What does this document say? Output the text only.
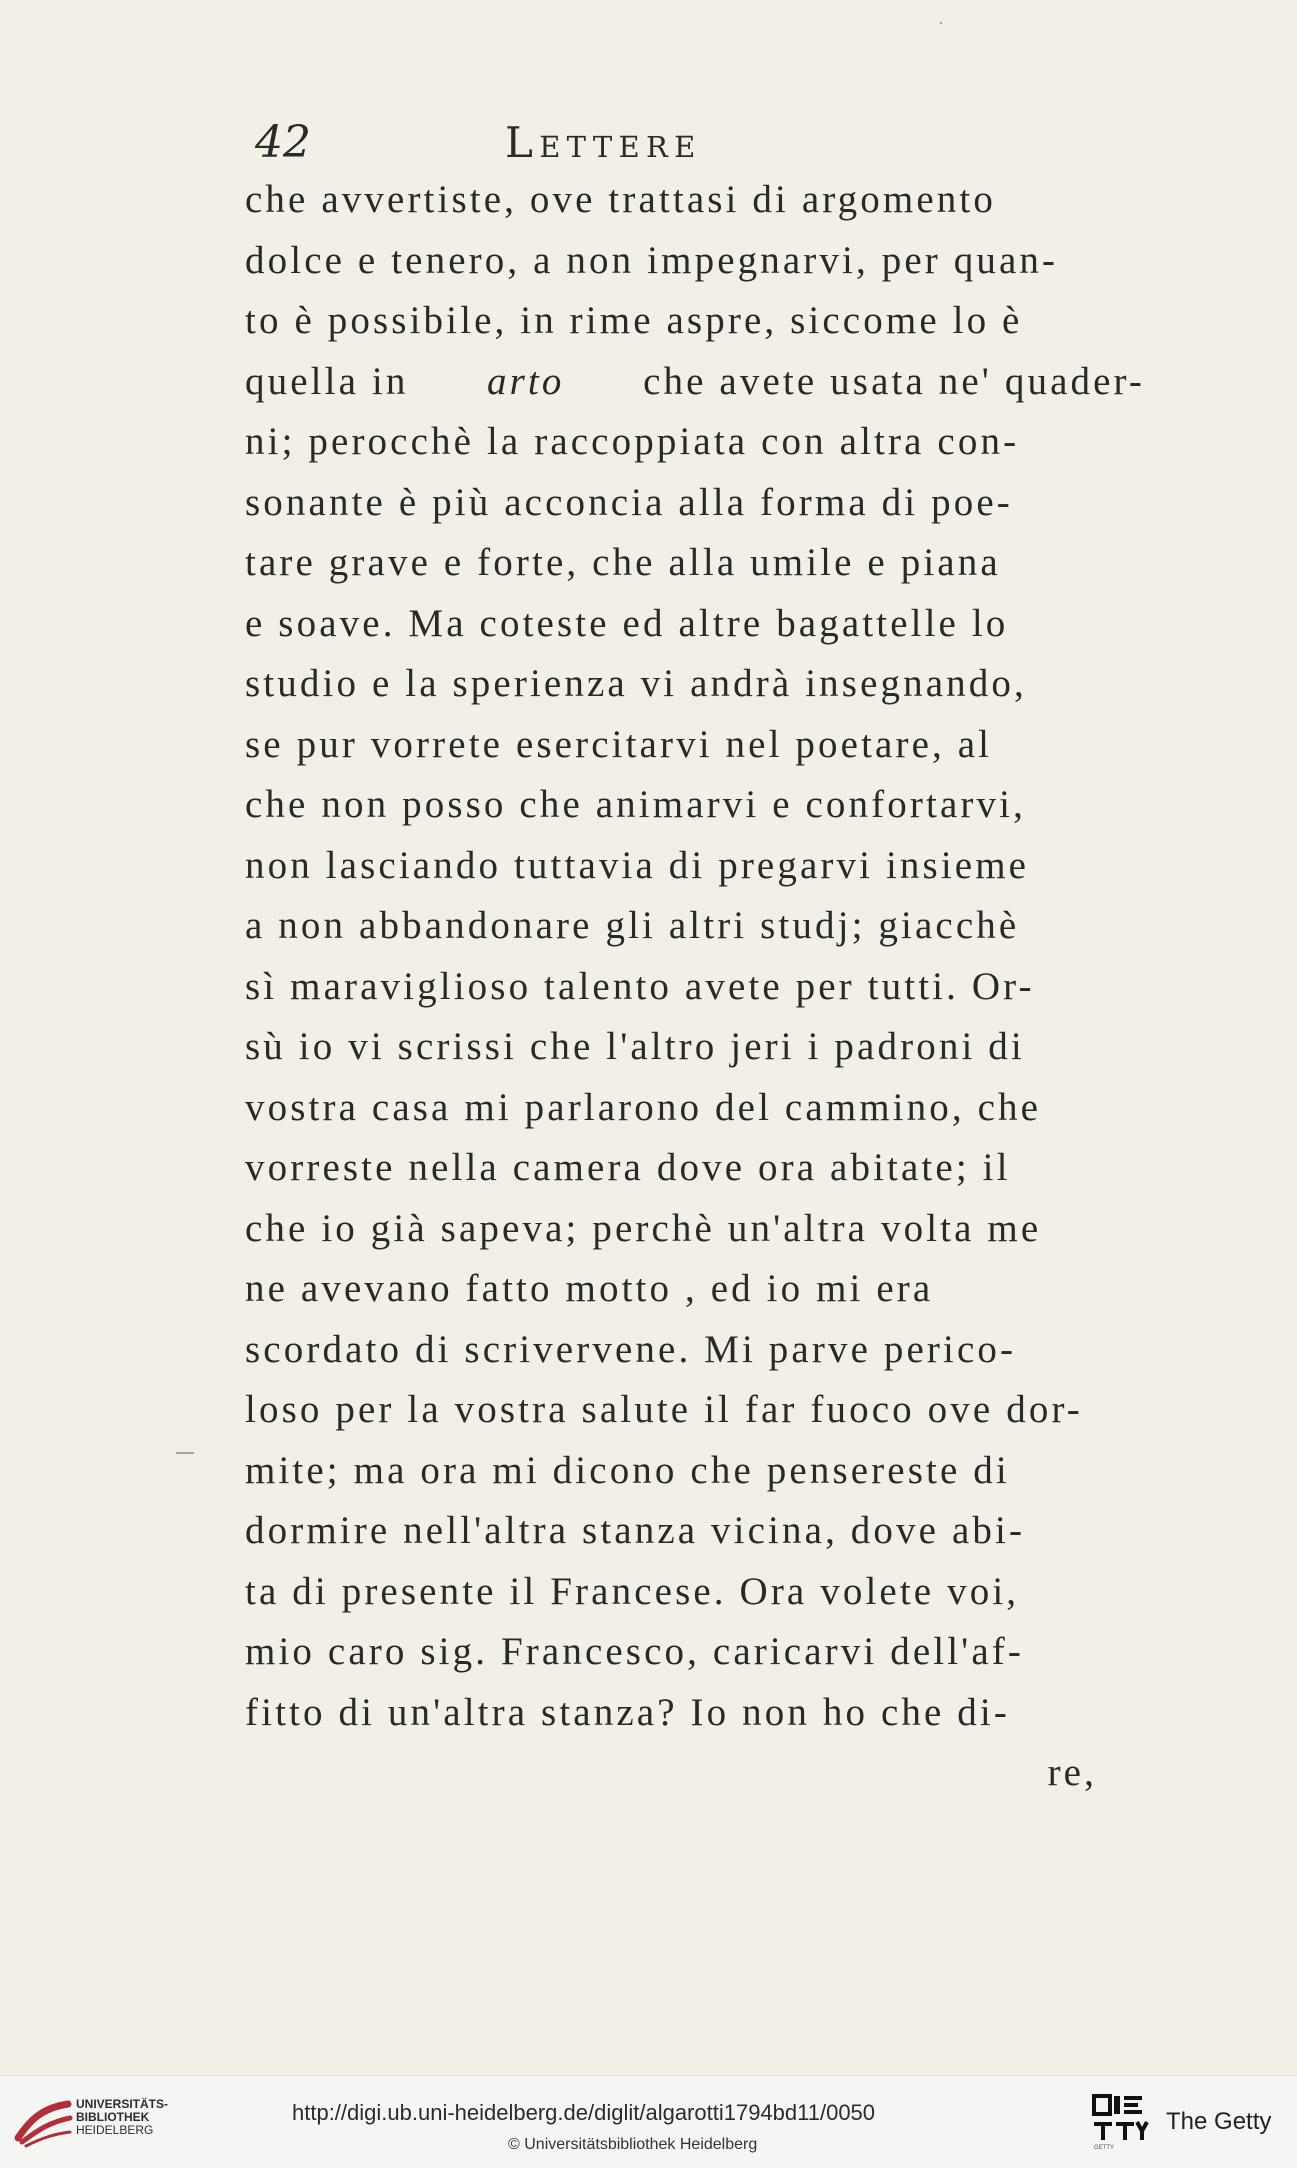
42	Lettere
che avvertiste, ove trattasi di argomento
dolce e tenero, a non impegnarvi, per quan-
to è possibile, in rime aspre, siccome lo è
quella in arto che avete usata ne' quader-
ni; perocchè la raccoppiata con altra con-
sonante è più acconcia alla forma di poe-
tare grave e forte, che alla umile e piana
e soave. Ma coteste ed altre bagattelle lo
studio e la sperienza vi andrà insegnando,
se pur vorrete esercitarvi nel poetare, al
che non posso che animarvi e confortarvi,
non lasciando tuttavia di pregarvi insieme
a non abbandonare gli altri studj; giacchè
sì maraviglioso talento avete per tutti. Or-
sù io vi scrissi che l'altro jeri i padroni di
vostra casa mi parlarono del cammino, che
vorreste nella camera dove ora abitate; il
che io già sapeva; perchè un'altra volta me
ne avevano fatto motto , ed io mi era
scordato di scrivervene. Mi parve perico-
loso per la vostra salute il far fuoco ove dor-
mite; ma ora mi dicono che pensereste di
dormire nell'altra stanza vicina, dove abi-
ta di presente il Francese. Ora volete voi,
mio caro sig. Francesco, caricarvi dell'af-
fitto di un'altra stanza? Io non ho che di-
re,
UNIVERSITÄTS-
BIBLIOTHEK
HEIDELBERG
http://digi.ub.uni-heidelberg.de/diglit/algarotti1794bd11/0050
© Universitätsbibliothek Heidelberg	GETTY
The Getty
